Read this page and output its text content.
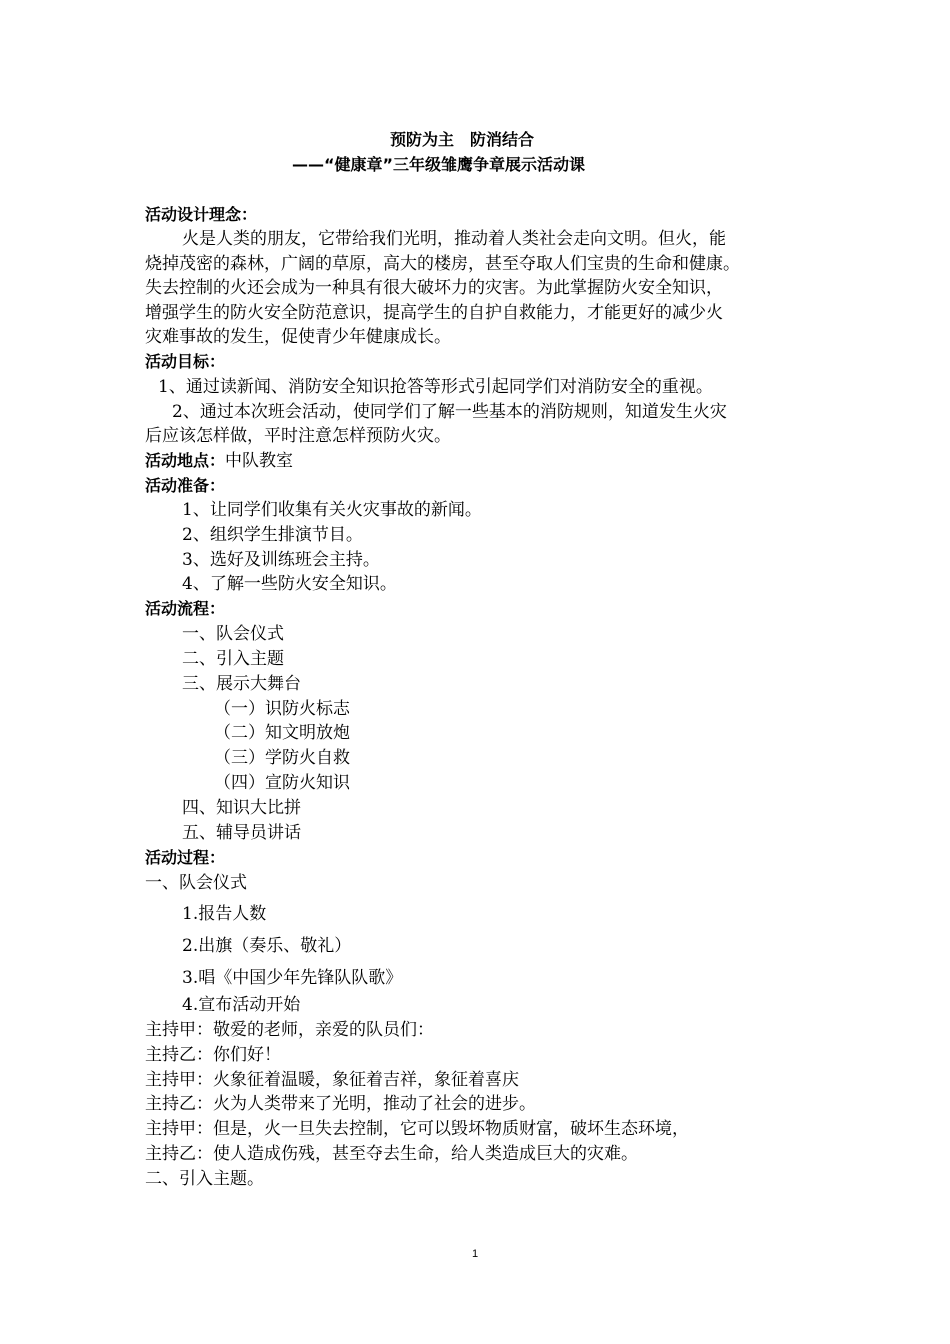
预防为主　防消结合
——“健康章”三年级雏鹰争章展示活动课
活动设计理念：
火是人类的朋友，它带给我们光明，推动着人类社会走向文明。但火，能
烧掉茂密的森林，广阔的草原，高大的楼房，甚至夺取人们宝贵的生命和健康。
失去控制的火还会成为一种具有很大破坏力的灾害。为此掌握防火安全知识，
增强学生的防火安全防范意识，提高学生的自护自救能力，才能更好的减少火
灾难事故的发生，促使青少年健康成长。
活动目标：
1、通过读新闻、消防安全知识抢答等形式引起同学们对消防安全的重视。
2、通过本次班会活动，使同学们了解一些基本的消防规则，知道发生火灾
后应该怎样做，平时注意怎样预防火灾。
活动地点：中队教室
活动准备：
1、让同学们收集有关火灾事故的新闻。
2、组织学生排演节目。
3、选好及训练班会主持。
4、了解一些防火安全知识。
活动流程：
一、队会仪式
二、引入主题
三、展示大舞台
（一）识防火标志
（二）知文明放炮
（三）学防火自救
（四）宣防火知识
四、知识大比拼
五、辅导员讲话
活动过程：
一、队会仪式
1.报告人数
2.出旗（奏乐、敬礼）
3.唱《中国少年先锋队队歌》
4.宣布活动开始
主持甲：敬爱的老师，亲爱的队员们：
主持乙：你们好！
主持甲：火象征着温暖，象征着吉祥，象征着喜庆
主持乙：火为人类带来了光明，推动了社会的进步。
主持甲：但是，火一旦失去控制，它可以毁坏物质财富，破坏生态环境，
主持乙：使人造成伤残，甚至夺去生命，给人类造成巨大的灾难。
二、引入主题。
1
